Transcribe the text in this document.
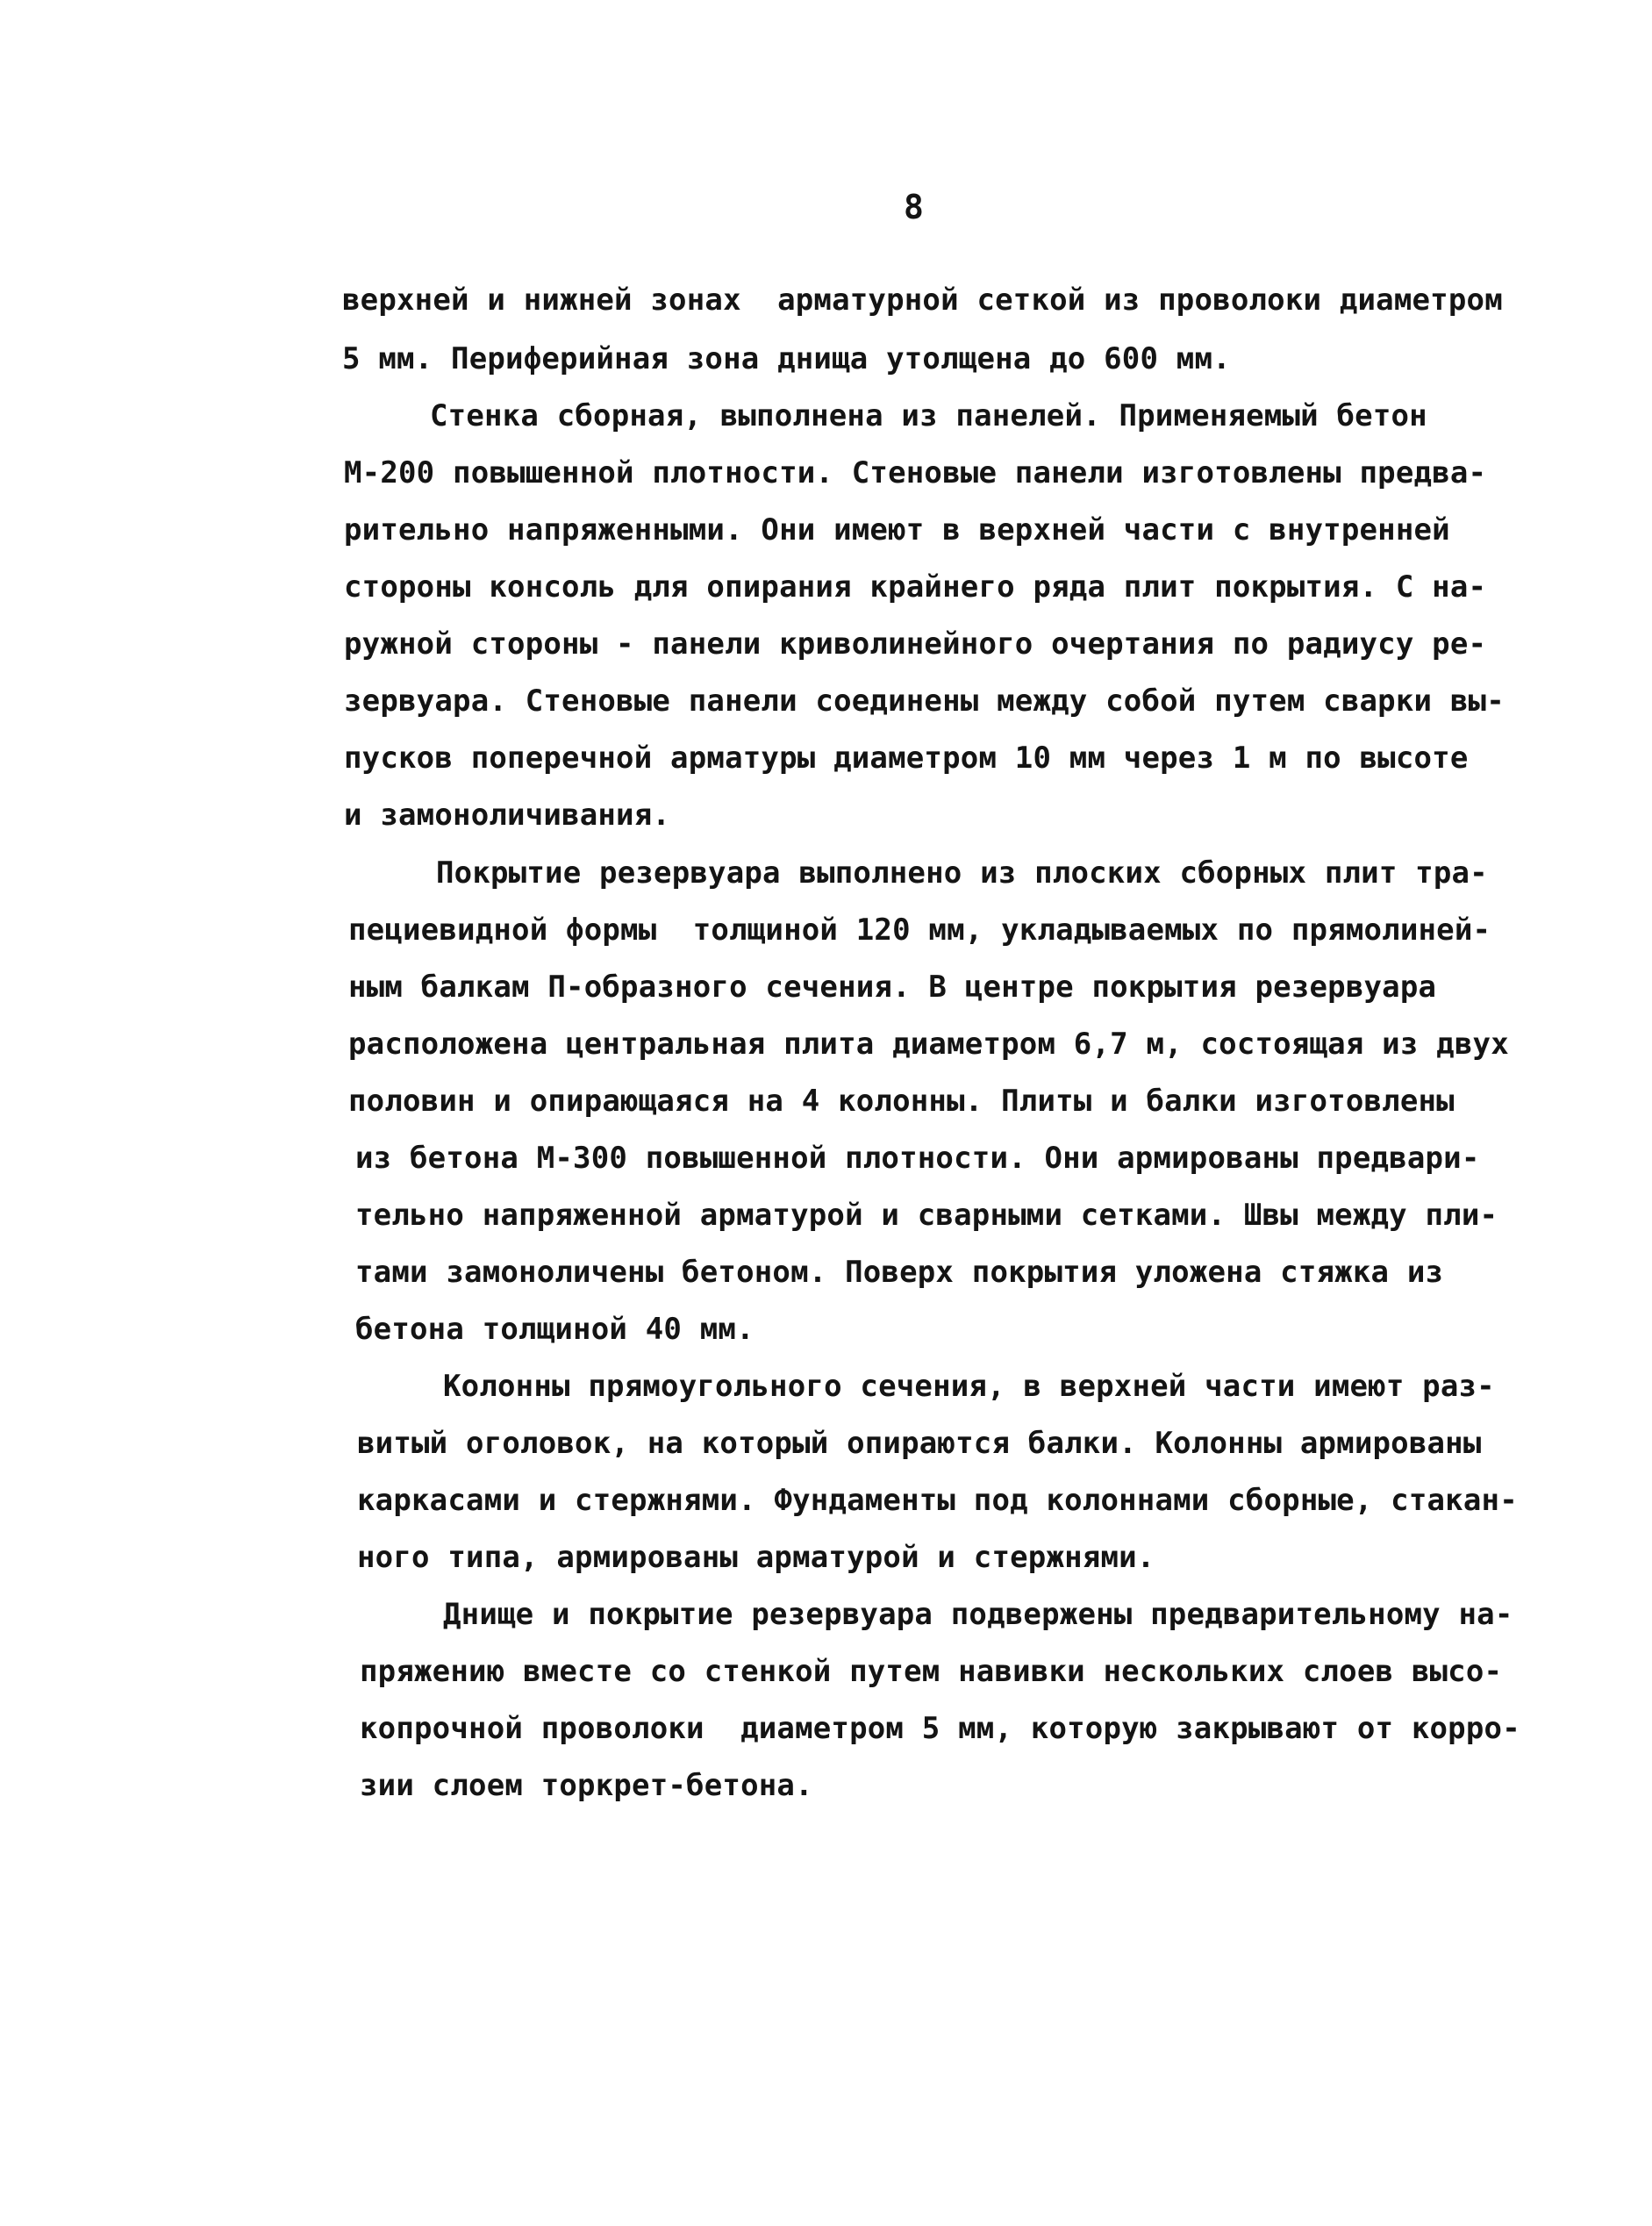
8
верхней и нижней зонах  арматурной сеткой из проволоки диаметром
5 мм. Периферийная зона днища утолщена до 600 мм.
Стенка сборная, выполнена из панелей. Применяемый бетон
М-200 повышенной плотности. Стеновые панели изготовлены предва-
рительно напряженными. Они имеют в верхней части с внутренней
стороны консоль для опирания крайнего ряда плит покрытия. С на-
ружной стороны - панели криволинейного очертания по радиусу ре-
зервуара. Стеновые панели соединены между собой путем сварки вы-
пусков поперечной арматуры диаметром 10 мм через 1 м по высоте
и замоноличивания.
Покрытие резервуара выполнено из плоских сборных плит тра-
пециевидной формы  толщиной 120 мм, укладываемых по прямолиней-
ным балкам П-образного сечения. В центре покрытия резервуара
расположена центральная плита диаметром 6,7 м, состоящая из двух
половин и опирающаяся на 4 колонны. Плиты и балки изготовлены
из бетона М-300 повышенной плотности. Они армированы предвари-
тельно напряженной арматурой и сварными сетками. Швы между пли-
тами замоноличены бетоном. Поверх покрытия уложена стяжка из
бетона толщиной 40 мм.
Колонны прямоугольного сечения, в верхней части имеют раз-
витый оголовок, на который опираются балки. Колонны армированы
каркасами и стержнями. Фундаменты под колоннами сборные, стакан-
ного типа, армированы арматурой и стержнями.
Днище и покрытие резервуара подвержены предварительному на-
пряжению вместе со стенкой путем навивки нескольких слоев высо-
копрочной проволоки  диаметром 5 мм, которую закрывают от корро-
зии слоем торкрет-бетона.
